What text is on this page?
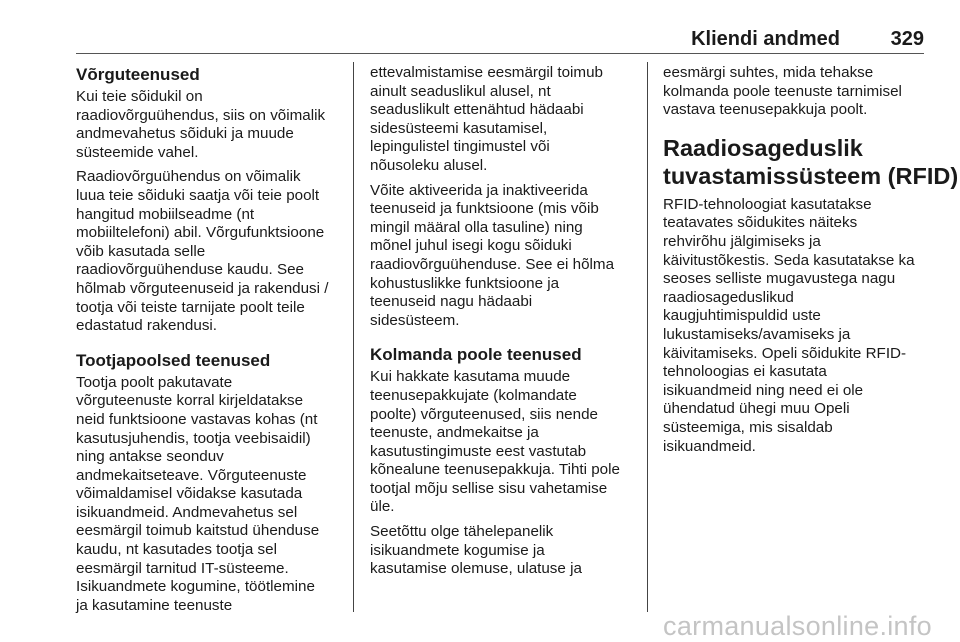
Kliendi andmed	329
Võrguteenused
Kui teie sõidukil on
raadiovõrguühendus, siis on võimalik
andmevahetus sõiduki ja muude
süsteemide vahel.
Raadiovõrguühendus on võimalik
luua teie sõiduki saatja või teie poolt
hangitud mobiilseadme (nt
mobiiltelefoni) abil. Võrgufunktsioone
võib kasutada selle
raadiovõrguühenduse kaudu. See
hõlmab võrguteenuseid ja rakendusi /
tootja või teiste tarnijate poolt teile
edastatud rakendusi.
Tootjapoolsed teenused
Tootja poolt pakutavate
võrguteenuste korral kirjeldatakse
neid funktsioone vastavas kohas (nt
kasutusjuhendis, tootja veebisaidil)
ning antakse seonduv
andmekaitseteave. Võrguteenuste
võimaldamisel võidakse kasutada
isikuandmeid. Andmevahetus sel
eesmärgil toimub kaitstud ühenduse
kaudu, nt kasutades tootja sel
eesmärgil tarnitud IT-süsteeme.
Isikuandmete kogumine, töötlemine
ja kasutamine teenuste
ettevalmistamise eesmärgil toimub
ainult seaduslikul alusel, nt
seaduslikult ettenähtud hädaabi
sidesüsteemi kasutamisel,
lepingulistel tingimustel või
nõusoleku alusel.
Võite aktiveerida ja inaktiveerida
teenuseid ja funktsioone (mis võib
mingil määral olla tasuline) ning
mõnel juhul isegi kogu sõiduki
raadiovõrguühenduse. See ei hõlma
kohustuslikke funktsioone ja
teenuseid nagu hädaabi
sidesüsteem.
Kolmanda poole teenused
Kui hakkate kasutama muude
teenusepakkujate (kolmandate
poolte) võrguteenused, siis nende
teenuste, andmekaitse ja
kasutustingimuste eest vastutab
kõnealune teenusepakkuja. Tihti pole
tootjal mõju sellise sisu vahetamise
üle.
Seetõttu olge tähelepanelik
isikuandmete kogumise ja
kasutamise olemuse, ulatuse ja
eesmärgi suhtes, mida tehakse
kolmanda poole teenuste tarnimisel
vastava teenusepakkuja poolt.
Raadiosageduslik
tuvastamissüsteem (RFID)
RFID-tehnoloogiat kasutatakse
teatavates sõidukites näiteks
rehvirõhu jälgimiseks ja
käivitustõkestis. Seda kasutatakse ka
seoses selliste mugavustega nagu
raadiosageduslikud
kaugjuhtimispuldid uste
lukustamiseks/avamiseks ja
käivitamiseks. Opeli sõidukite RFID-
tehnoloogias ei kasutata
isikuandmeid ning need ei ole
ühendatud ühegi muu Opeli
süsteemiga, mis sisaldab
isikuandmeid.
carmanualsonline.info
